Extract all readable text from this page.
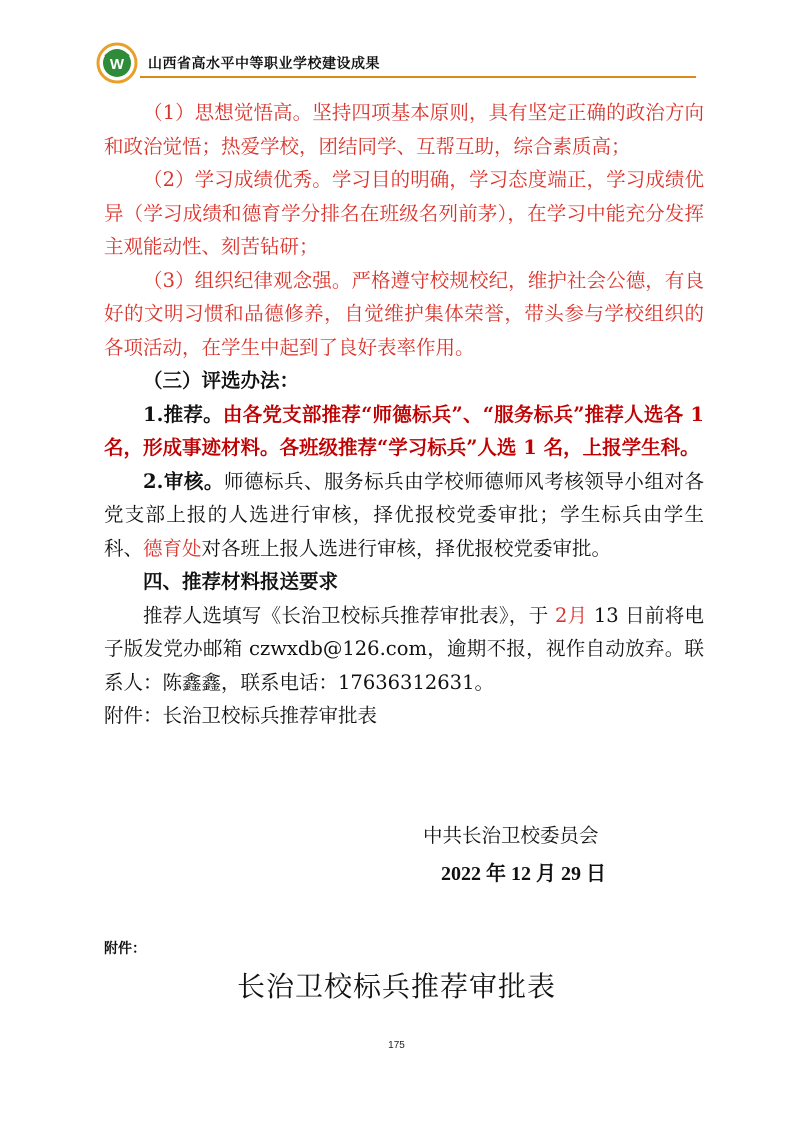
W 山西省高水平中等职业学校建设成果

（1）思想觉悟高。坚持四项基本原则，具有坚定正确的政治方向和政治觉悟；热爱学校，团结同学、互帮互助，综合素质高；

（2）学习成绩优秀。学习目的明确，学习态度端正，学习成绩优异（学习成绩和德育学分排名在班级名列前茅），在学习中能充分发挥主观能动性、刻苦钻研；

（3）组织纪律观念强。严格遵守校规校纪，维护社会公德，有良好的文明习惯和品德修养，自觉维护集体荣誉，带头参与学校组织的各项活动，在学生中起到了良好表率作用。

（三）评选办法：

1.推荐。由各党支部推荐“师德标兵”、“服务标兵”推荐人选各 1 名，形成事迹材料。各班级推荐“学习标兵”人选 1 名，上报学生科。

2.审核。师德标兵、服务标兵由学校师德师风考核领导小组对各党支部上报的人选进行审核，择优报校党委审批；学生标兵由学生科、德育处对各班上报人选进行审核，择优报校党委审批。

四、推荐材料报送要求

推荐人选填写《长治卫校标兵推荐审批表》，于 2月 13 日前将电子版发党办邮箱 czwxdb@126.com，逾期不报，视作自动放弃。联系人：陈鑫鑫，联系电话：17636312631。

附件：长治卫校标兵推荐审批表

中共长治卫校委员会
2022 年 12 月 29 日
附件：
长治卫校标兵推荐审批表
175
